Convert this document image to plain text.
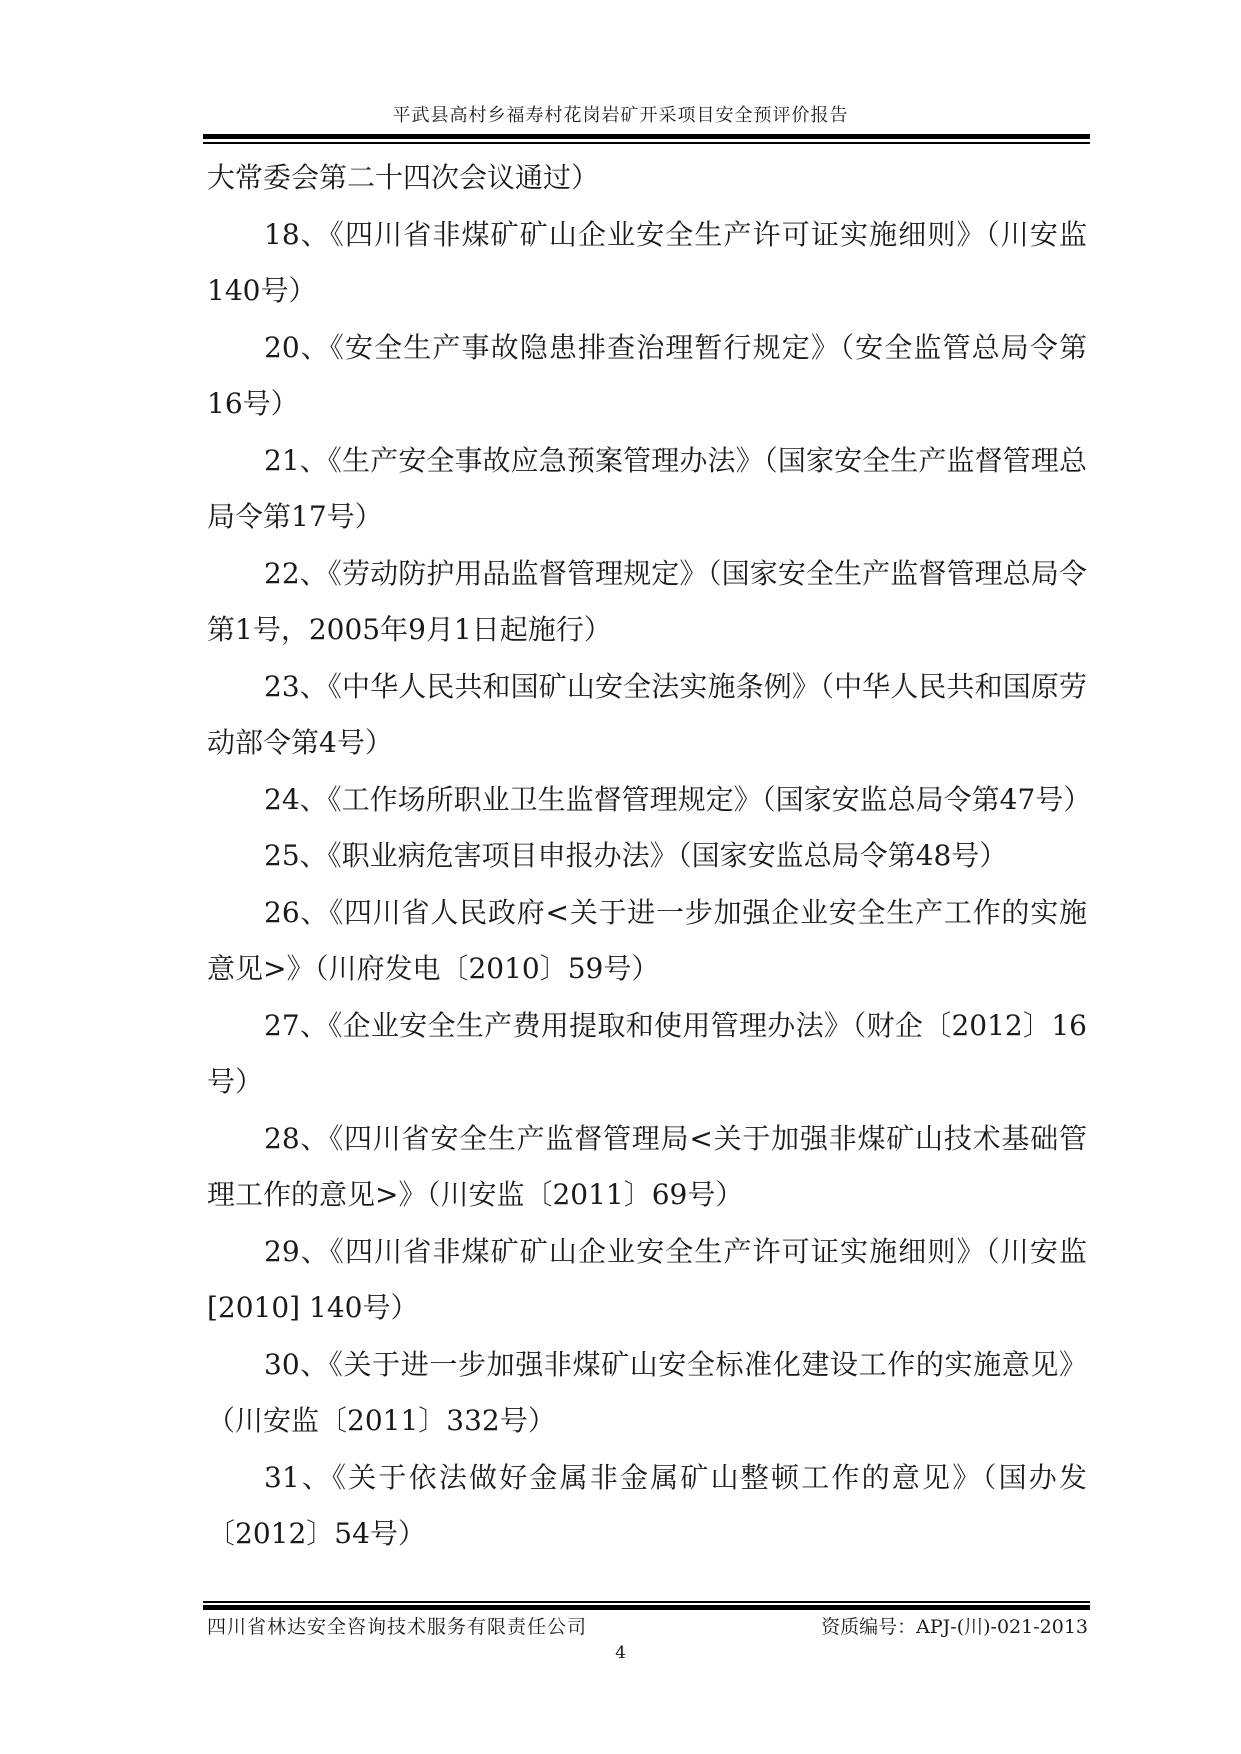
平武县高村乡福寿村花岗岩矿开采项目安全预评价报告

大常委会第二十四次会议通过）

18、《四川省非煤矿矿山企业安全生产许可证实施细则》（川安监140号）

20、《安全生产事故隐患排查治理暂行规定》（安全监管总局令第16号）

21、《生产安全事故应急预案管理办法》（国家安全生产监督管理总局令第17号）

22、《劳动防护用品监督管理规定》（国家安全生产监督管理总局令第1号，2005年9月1日起施行）

23、《中华人民共和国矿山安全法实施条例》（中华人民共和国原劳动部令第4号）

24、《工作场所职业卫生监督管理规定》（国家安监总局令第47号）

25、《职业病危害项目申报办法》（国家安监总局令第48号）

26、《四川省人民政府<关于进一步加强企业安全生产工作的实施意见>》（川府发电〔2010〕59号）

27、《企业安全生产费用提取和使用管理办法》（财企〔2012〕16号）

28、《四川省安全生产监督管理局<关于加强非煤矿山技术基础管理工作的意见>》（川安监〔2011〕69号）

29、《四川省非煤矿矿山企业安全生产许可证实施细则》（川安监[2010] 140号）

30、《关于进一步加强非煤矿山安全标准化建设工作的实施意见》（川安监〔2011〕332号）

31、《关于依法做好金属非金属矿山整顿工作的意见》（国办发〔2012〕54号）

四川省林达安全咨询技术服务有限责任公司	资质编号：APJ-(川)-021-2013
4
